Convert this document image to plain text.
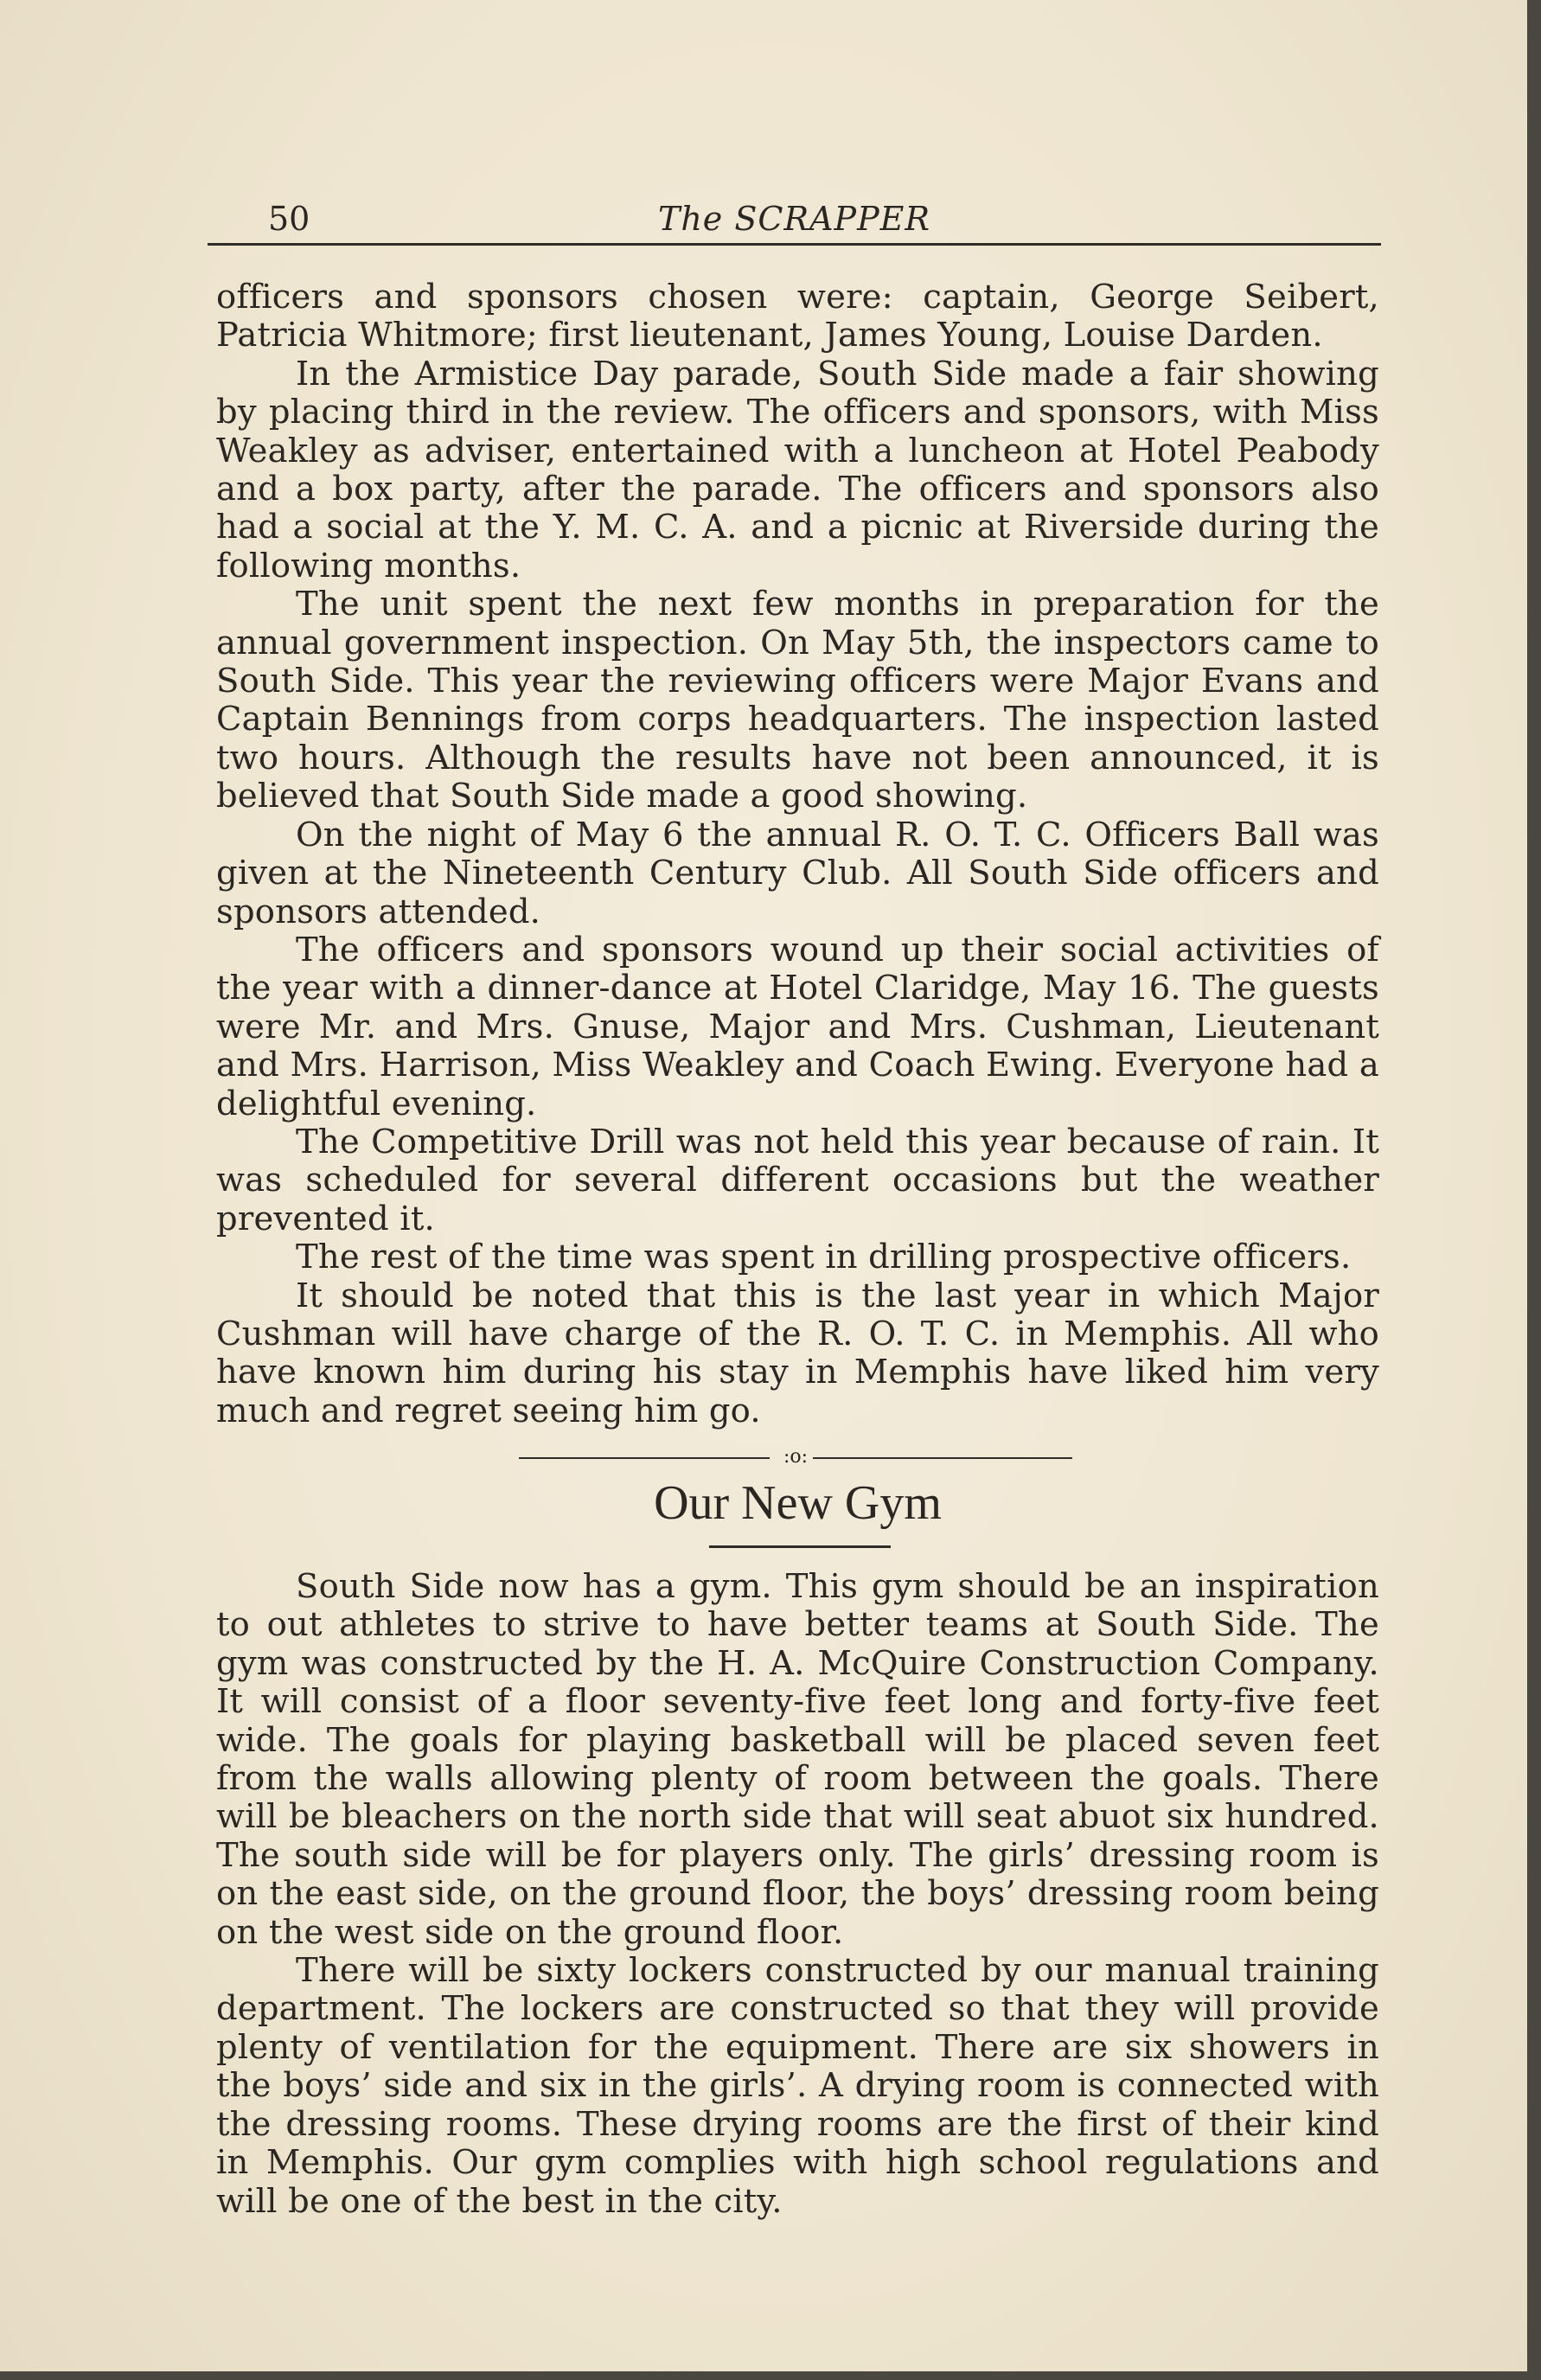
50	The SCRAPPER

officers and sponsors chosen were: captain, George Seibert, Patricia Whitmore; first lieutenant, James Young, Louise Darden.

In the Armistice Day parade, South Side made a fair showing by placing third in the review. The officers and sponsors, with Miss Weakley as adviser, entertained with a luncheon at Hotel Peabody and a box party, after the parade. The officers and sponsors also had a social at the Y. M. C. A. and a picnic at Riverside during the following months.

The unit spent the next few months in preparation for the annual government inspection. On May 5th, the inspectors came to South Side. This year the reviewing officers were Major Evans and Captain Bennings from corps headquarters. The inspection lasted two hours. Although the results have not been announced, it is believed that South Side made a good showing.

On the night of May 6 the annual R. O. T. C. Officers Ball was given at the Nineteenth Century Club. All South Side officers and sponsors attended.

The officers and sponsors wound up their social activities of the year with a dinner-dance at Hotel Claridge, May 16. The guests were Mr. and Mrs. Gnuse, Major and Mrs. Cushman, Lieutenant and Mrs. Harrison, Miss Weakley and Coach Ewing. Everyone had a delightful evening.

The Competitive Drill was not held this year because of rain. It was scheduled for several different occasions but the weather prevented it.

The rest of the time was spent in drilling prospective officers.

It should be noted that this is the last year in which Major Cushman will have charge of the R. O. T. C. in Memphis. All who have known him during his stay in Memphis have liked him very much and regret seeing him go.

:o:
Our New Gym

South Side now has a gym. This gym should be an inspiration to out athletes to strive to have better teams at South Side. The gym was constructed by the H. A. McQuire Construction Company. It will consist of a floor seventy-five feet long and forty-five feet wide. The goals for playing basketball will be placed seven feet from the walls allowing plenty of room between the goals. There will be bleachers on the north side that will seat abuot six hundred. The south side will be for players only. The girls’ dressing room is on the east side, on the ground floor, the boys’ dressing room being on the west side on the ground floor.

There will be sixty lockers constructed by our manual training department. The lockers are constructed so that they will provide plenty of ventilation for the equipment. There are six showers in the boys’ side and six in the girls’. A drying room is connected with the dressing rooms. These drying rooms are the first of their kind in Memphis. Our gym complies with high school regulations and will be one of the best in the city.
